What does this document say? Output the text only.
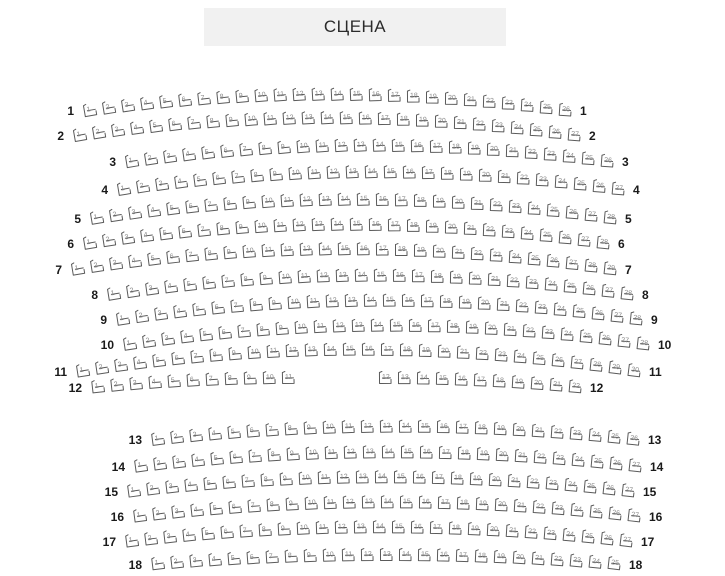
СЦЕНА
1 2 3 4 5 6 7 8 9 10 11 12 13 14 15 16 17 18 19 20 21 22 23 24 25 26
1	1
1 2 3 4 5 6 7 8 9 10 11 12 13 14 15 16 17 18 19 20 21 22 23 24 25 26 27
2	2
1 2 3 4 5 6 7 8 9 10 11 12 13 14 15 16 17 18 19 20 21 22 23 24 25 26
3	3
1 2 3 4 5 6 7 8 9 10 11 12 13 14 15 16 17 18 19 20 21 22 23 24 25 26 27
4	4
1 2 3 4 5 6 7 8 9 10 11 12 13 14 15 16 17 18 19 20 21 22 23 24 25 26 27 28
5	5
1 2 3 4 5 6 7 8 9 10 11 12 13 14 15 16 17 18 19 20 21 22 23 24 25 26 27 28
6	6
1 2 3 4 5 6 7 8 9 10 11 12 13 14 15 16 17 18 19 20 21 22 23 24 25 26 27 28 29
7	7
1 2 3 4 5 6 7 8 9 10 11 12 13 14 15 16 17 18 19 20 21 22 23 24 25 26 27 28
8	8
1 2 3 4 5 6 7 8 9 10 11 12 13 14 15 16 17 18 19 20 21 22 23 24 25 26 27 28
9	9
1 2 3 4 5 6 7 8 9 10 11 12 13 14 15 16 17 18 19 20 21 22 23 24 25 26 27 28
10	10
1 2 3 4 5 6 7 8 9 10 11 12 13 14 15 16 17 18 19 20 21 22 23 24 25 26 27 28 29 30
11	11
1 2 3 4 5 6 7 8 9 10 11	12 13 14 15 16 17 18 19 20 21 22
12	12
1 2 3 4 5 6 7 8 9 10 11 12 13 14 15 16 17 18 19 20 21 22 23 24 25 26
13	13
1 2 3 4 5 6 7 8 9 10 11 12 13 14 15 16 17 18 19 20 21 22 23 24 25 26 27
14	14
1 2 3 4 5 6 7 8 9 10 11 12 13 14 15 16 17 18 19 20 21 22 23 24 25 26 27
15	15
1 2 3 4 5 6 7 8 9 10 11 12 13 14 15 16 17 18 19 20 21 22 23 24 25 26 27
16	16
1 2 3 4 5 6 7 8 9 10 11 12 13 14 15 16 17 18 19 20 21 22 23 24 25 26 27
17	17
1 2 3 4 5 6 7 8 9 10 11 12 13 14 15 16 17 18 19 20 21 22 23 24 25
18	18
